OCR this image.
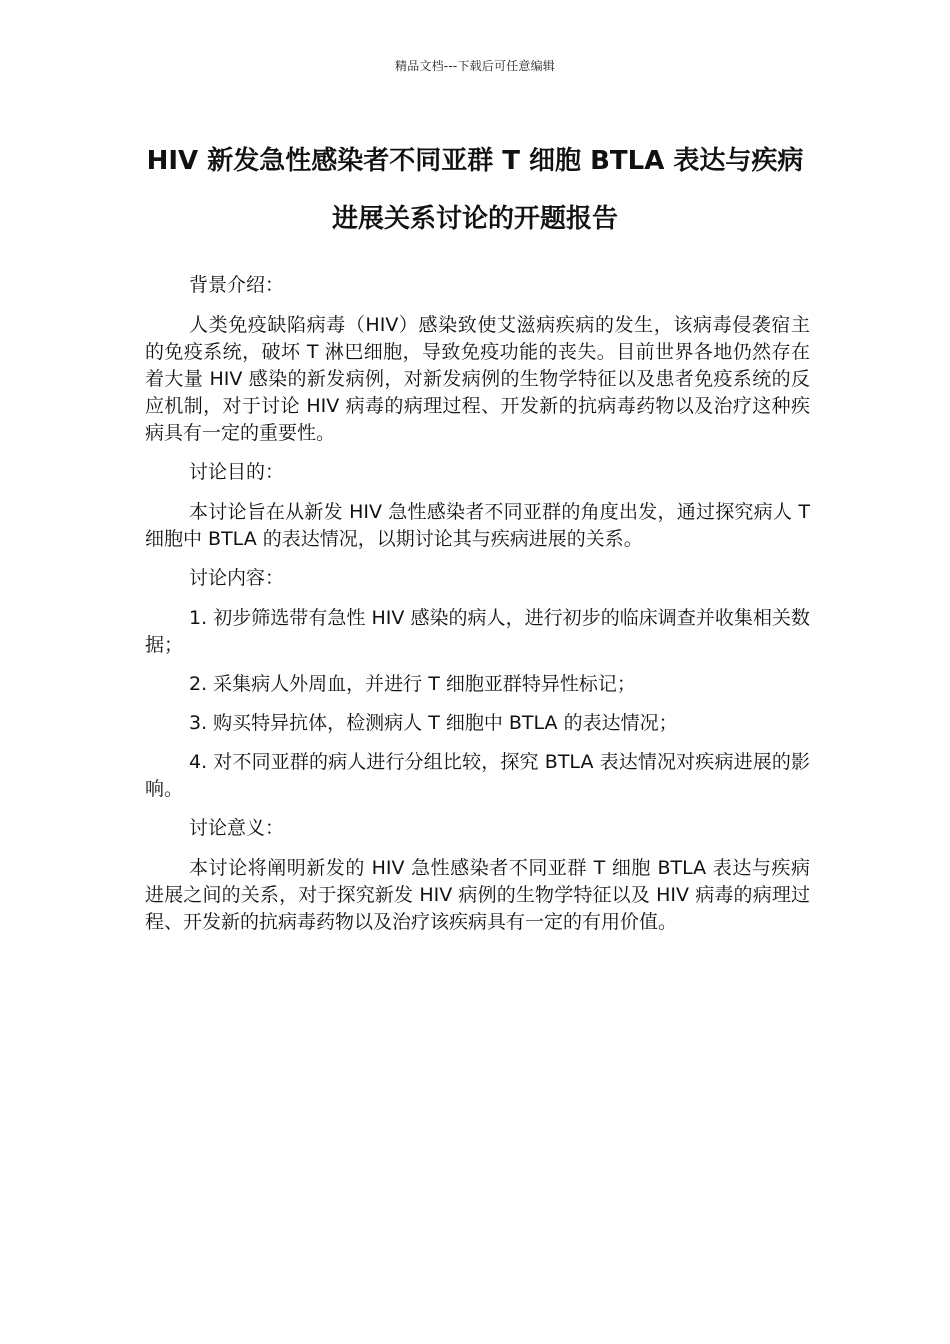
精品文档---下载后可任意编辑
HIV 新发急性感染者不同亚群 T 细胞 BTLA 表达与疾病进展关系讨论的开题报告

背景介绍：

人类免疫缺陷病毒（HIV）感染致使艾滋病疾病的发生，该病毒侵袭宿主的免疫系统，破坏 T 淋巴细胞，导致免疫功能的丧失。目前世界各地仍然存在着大量 HIV 感染的新发病例，对新发病例的生物学特征以及患者免疫系统的反应机制，对于讨论 HIV 病毒的病理过程、开发新的抗病毒药物以及治疗这种疾病具有一定的重要性。

讨论目的：

本讨论旨在从新发 HIV 急性感染者不同亚群的角度出发，通过探究病人 T 细胞中 BTLA 的表达情况，以期讨论其与疾病进展的关系。

讨论内容：

1. 初步筛选带有急性 HIV 感染的病人，进行初步的临床调查并收集相关数据；

2. 采集病人外周血，并进行 T 细胞亚群特异性标记；

3. 购买特异抗体，检测病人 T 细胞中 BTLA 的表达情况；

4. 对不同亚群的病人进行分组比较，探究 BTLA 表达情况对疾病进展的影响。

讨论意义：

本讨论将阐明新发的 HIV 急性感染者不同亚群 T 细胞 BTLA 表达与疾病进展之间的关系，对于探究新发 HIV 病例的生物学特征以及 HIV 病毒的病理过程、开发新的抗病毒药物以及治疗该疾病具有一定的有用价值。
